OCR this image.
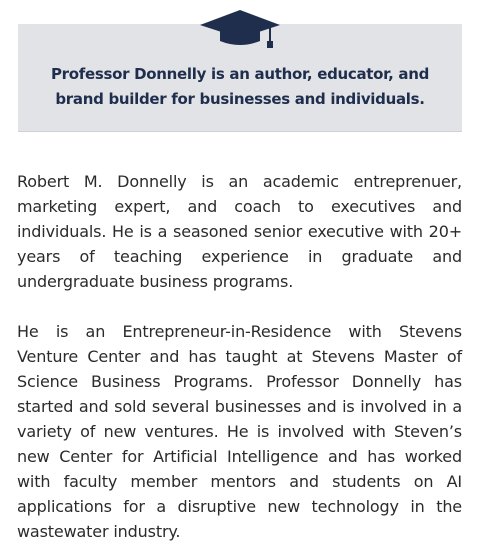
Professor Donnelly is an author, educator, and
brand builder for businesses and individuals.

Robert M. Donnelly is an academic entreprenuer, marketing expert, and coach to executives and individuals. He is a seasoned senior executive with 20+ years of teaching experience in graduate and undergraduate business programs.

He is an Entrepreneur-in-Residence with Stevens Venture Center and has taught at Stevens Master of Science Business Programs. Professor Donnelly has started and sold several businesses and is involved in a variety of new ventures. He is involved with Steven’s new Center for Artificial Intelligence and has worked with faculty member mentors and students on AI applications for a disruptive new technology in the wastewater industry.
